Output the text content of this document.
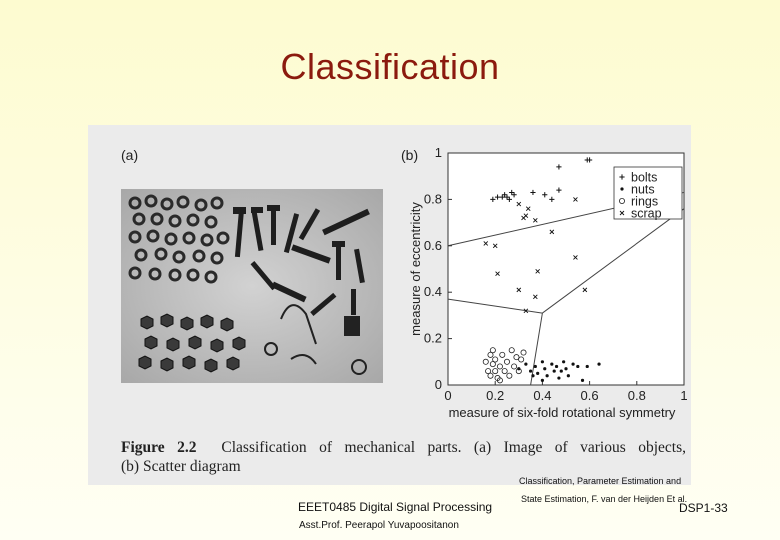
Classification
(a)	(b)
measure of eccentricity
measure of six-fold rotational symmetry
0	0.2 0.4 0.6 0.8	1
0
0.2
0.4
0.6
0.8
1
bolts
nuts
rings
scrap
Figure 2.2 Classification of mechanical parts. (a) Image of various objects,
(b) Scatter diagram
Classification, Parameter Estimation and
State Estimation, F. van der Heijden Et al.
EEET0485 Digital Signal Processing
Asst.Prof. Peerapol Yuvapoositanon
DSP1-33
